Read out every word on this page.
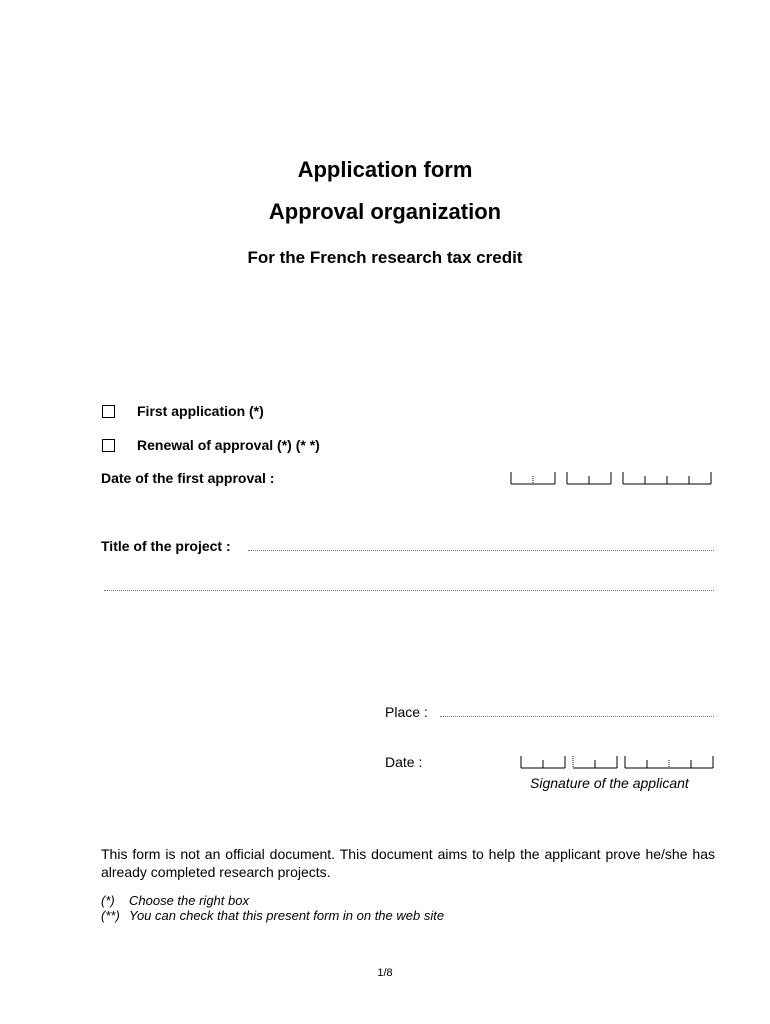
Application form
Approval organization
For the French research tax credit
First application (*)
Renewal of approval (*) (* *)
Date of the first approval :
Title of the project :
Place :
Date :
Signature of the applicant
This form is not an official document. This document aims to help the applicant prove he/she has already completed research projects.
(*) Choose the right box
(**) You can check that this present form in on the web site
1/8
